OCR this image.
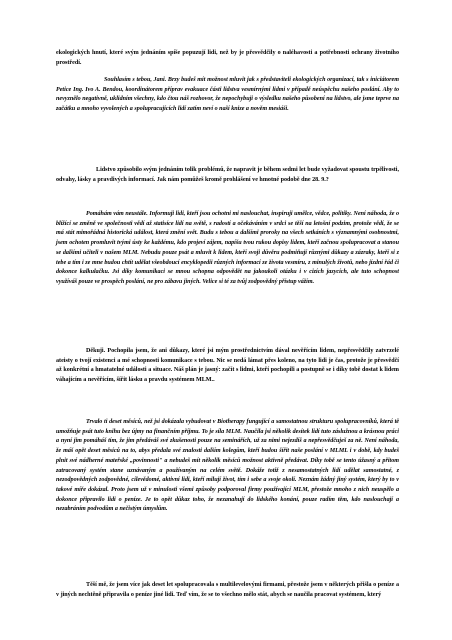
ekologických hnutí, které svým jednáním spíše popuzují lidi, než by je přesvědčily o naléhavosti a potřebnosti ochrany životního prostředí.

Souhlasím s tebou, Jani. Brzy budeš mít možnost mluvit jak s představiteli ekologických organizací, tak s iniciátorem Petice Ing. Ivo A. Bendou, koordinátorem příprav evakuace části lidstva vesmírnými lidmi v případě neúspěchu našeho poslání. Aby to nevyznělo negativně, uklidním všechny, kdo čtou náš rozhovor, že nepochybuji o výsledku našeho působení na lidstvo, ale jsme teprve na začátku a mnoho vyvolených a spolupracujících lidí zatím neví o naší knize a nověm mesiáši.

Lidstvo způsobilo svým jednáním tolik problémů, že napravit je během sedmi let bude vyžadovat spoustu trpělivosti, odvahy, lásky a pravdivých informací. Jak nám pomůžeš kromě prohlášení ve hmotné podobě dne 28. 9.?

Pomáhám vám neustále. Informuji lidi, kteří jsou ochotni mi naslouchat, inspiruji umělce, vědce, politiky. Není náhoda, že o blížící se změně ve společnosti vědí až statisíce lidí na světě, s radostí a očekáváním v srdci se těší na letošní podzim, protože vědí, že se má stát mimořádná historická událost, která změní svět. Budu s tebou a dalšími proroky na všech setkáních s významnými osobnostmi, jsem ochoten promluvit tvými ústy ke každému, kdo projeví zájem, napíšu tvou rukou dopisy lidem, kteří začnou spolupracovat a stanou se dalšími učiteli v našem MLM. Nebudu pouze psát a mluvit k lidem, kteří svoji důvěru podmiňují různými důkazy a zázraky, kteří si z tebe a tím i ze mne budou chtít udělat všeobdoucí encyklopedii různých informací ze života vesmíru, z minulých životů, nebo jízdní řád či dokonce kalkulačku. Jsi díky komunikaci se mnou schopna odpovědět na jakoukoli otázku i v cizích jazycích, ale tuto schopnost využíváš pouze ve prospěch poslání, ne pro zábavu jiných. Velice si té za tvůj zodpovědný přístup vážím.

Děkuji. Pochopila jsem, že ani důkazy, které jsi mým prostřednictvím dával nevěřícím lidem, nepřesvědčily zatvrzelé ateisty o tvojí existenci a mé schopnosti komunikace s tebou. Nic se nedá lámat přes koleno, na tyto lidi je čas, protože je přesvědčí až konkrétní a hmatatelné události a situace. Náš plán je jasný: začít s lidmi, kteří pochopili a postupně se i díky tobě dostat k lidem váhajícím a nevěřícím, šířit lásku a pravdu systémem MLM..

Trvalo ti deset měsíců, než jsi dokázala vybudovat v Biotherapy fungující a samostatnou strukturu spolupracovníků, která tě umožňuje psát tuto knihu bez újmy na finančním příjmu. To je síla MLM. Naučila jsi několik desítek lidí tuto záslužnou a krásnou práci a nyní jim pomáháš tím, že jim předáváš své zkušenosti pouze na seminářích, už za nimi nejezdíš a nepřesvědčuješ za ně. Není náhoda, že máš opět deset měsíců na to, abys předala své znalosti dalším kolegům, kteří budou šířit naše poslání v MLML i v době, kdy budeš plnit své nádherné mateřské „povinnosti" a nebudeš mít několik měsíců možnost aktivně předávat. Díky tobě se tento úžasný a přitom zatracovaný systém stane uznávaným a používaným na celém světě. Dokáže totiž z nesamostatných lidí udělat samostatné, z nezodpovědných zodpovědné, cílevědomé, aktivní lidi, kteří milují život, tím i sebe a svoje okolí. Neznám žádný jiný systém, který by to v takové míře dokázal. Proto jsem už v minulosti všemi způsoby podporoval firmy používající MLM, přestože mnoho z nich neuspělo a dokonce připravilo lidi o peníze. Je to opět důkaz toho, že nezanahují do lidského konání, pouze radím těm, kdo naslouchají a nezabráním podvodům a nečistým úmyslům.

Těší mě, že jsem více jak deset let spolupracovala s multilevelovými firmami, přestože jsem v některých přišla o peníze a v jiných nechtěně připravila o peníze jiné lidi. Teď vím, že se to všechno mělo stát, abych se naučila pracovat systémem, který
